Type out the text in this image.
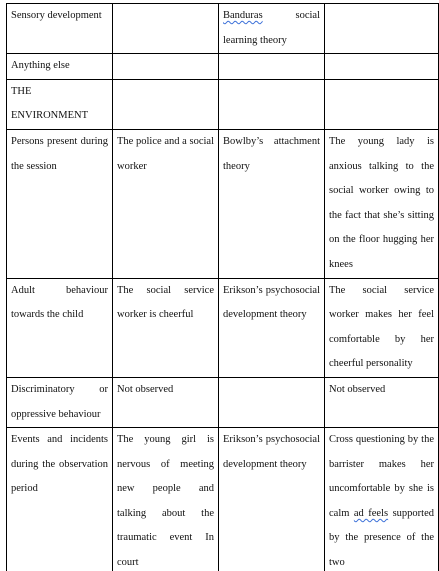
Sensory development		Banduras social learning theory	
Anything else			
THE ENVIRONMENT			
Persons present during the session	The police and a social worker	Bowlby’s attachment theory	The young lady is anxious talking to the social worker owing to the fact that she’s sitting on the floor hugging her knees
Adult behaviour towards the child	The social service worker is cheerful	Erikson’s psychosocial development theory	The social service worker makes her feel comfortable by her cheerful personality
Discriminatory or oppressive behaviour	Not observed		Not observed
Events and incidents during the observation period	The young girl is nervous of meeting new people and talking about the traumatic event In court	Erikson’s psychosocial development theory	Cross questioning by the barrister makes her uncomfortable by she is calm ad feels supported by the presence of the two
